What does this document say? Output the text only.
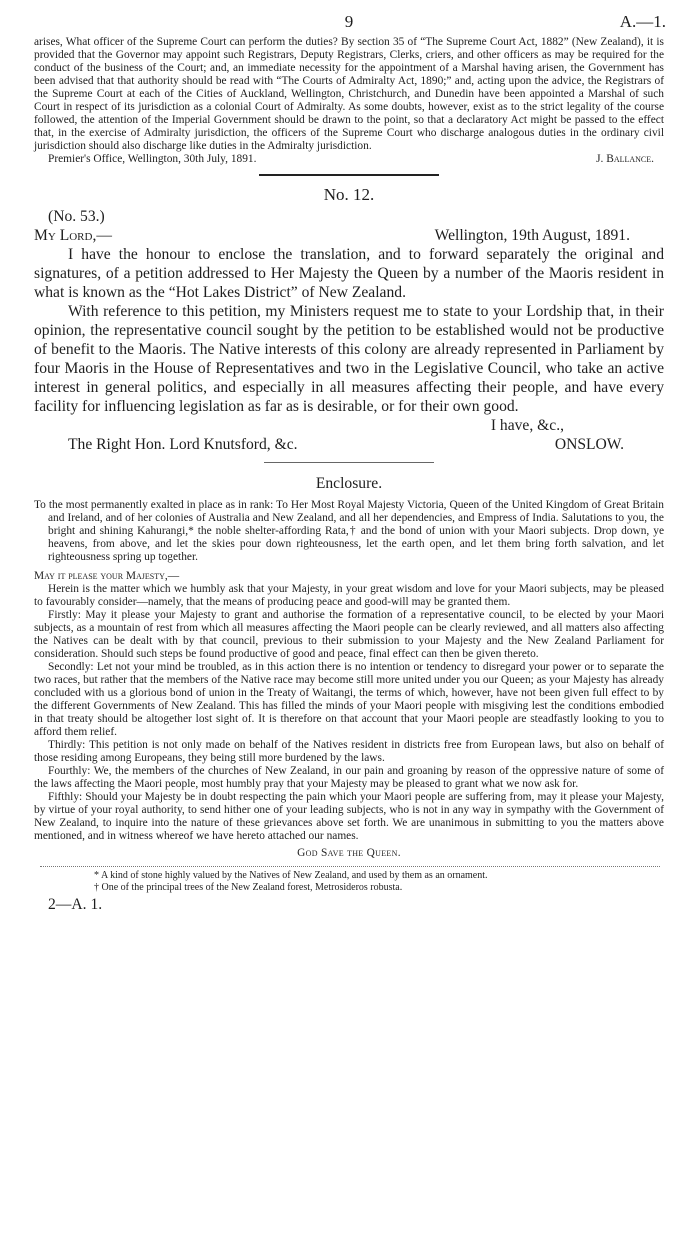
9	A.—1.

arises, What officer of the Supreme Court can perform the duties? By section 35 of “The Supreme Court Act, 1882” (New Zealand), it is provided that the Governor may appoint such Registrars, Deputy Registrars, Clerks, criers, and other officers as may be required for the conduct of the business of the Court; and, an immediate necessity for the appointment of a Marshal having arisen, the Government has been advised that that authority should be read with “The Courts of Admiralty Act, 1890;” and, acting upon the advice, the Registrars of the Supreme Court at each of the Cities of Auckland, Wellington, Christchurch, and Dunedin have been appointed a Marshal of such Court in respect of its jurisdiction as a colonial Court of Admiralty. As some doubts, however, exist as to the strict legality of the course followed, the attention of the Imperial Government should be drawn to the point, so that a declaratory Act might be passed to the effect that, in the exercise of Admiralty jurisdiction, the officers of the Supreme Court who discharge analogous duties in the ordinary civil jurisdiction should also discharge like duties in the Admiralty jurisdiction.

Premier's Office, Wellington, 30th July, 1891.	J. Ballance.
No. 12.
(No. 53.)
My Lord,—	Wellington, 19th August, 1891.

I have the honour to enclose the translation, and to forward separately the original and signatures, of a petition addressed to Her Majesty the Queen by a number of the Maoris resident in what is known as the “Hot Lakes District” of New Zealand.

With reference to this petition, my Ministers request me to state to your Lordship that, in their opinion, the representative council sought by the petition to be established would not be productive of benefit to the Maoris. The Native interests of this colony are already represented in Parliament by four Maoris in the House of Representatives and two in the Legislative Council, who take an active interest in general politics, and especially in all measures affecting their people, and have every facility for influencing legislation as far as is desirable, or for their own good.

I have, &c.,
The Right Hon. Lord Knutsford, &c.	ONSLOW.
Enclosure.

To the most permanently exalted in place as in rank: To Her Most Royal Majesty Victoria, Queen of the United Kingdom of Great Britain and Ireland, and of her colonies of Australia and New Zealand, and all her dependencies, and Empress of India. Salutations to you, the bright and shining Kahurangi,* the noble shelter-affording Rata,† and the bond of union with your Maori subjects. Drop down, ye heavens, from above, and let the skies pour down righteousness, let the earth open, and let them bring forth salvation, and let righteousness spring up together.

May it please your Majesty,—

Herein is the matter which we humbly ask that your Majesty, in your great wisdom and love for your Maori subjects, may be pleased to favourably consider—namely, that the means of producing peace and good-will may be granted them.

Firstly: May it please your Majesty to grant and authorise the formation of a representative council, to be elected by your Maori subjects, as a mountain of rest from which all measures affecting the Maori people can be clearly reviewed, and all matters also affecting the Natives can be dealt with by that council, previous to their submission to your Majesty and the New Zealand Parliament for consideration. Should such steps be found productive of good and peace, final effect can then be given thereto.

Secondly: Let not your mind be troubled, as in this action there is no intention or tendency to disregard your power or to separate the two races, but rather that the members of the Native race may become still more united under you our Queen; as your Majesty has already concluded with us a glorious bond of union in the Treaty of Waitangi, the terms of which, however, have not been given full effect to by the different Governments of New Zealand. This has filled the minds of your Maori people with misgiving lest the conditions embodied in that treaty should be altogether lost sight of. It is therefore on that account that your Maori people are steadfastly looking to you to afford them relief.

Thirdly: This petition is not only made on behalf of the Natives resident in districts free from European laws, but also on behalf of those residing among Europeans, they being still more burdened by the laws.

Fourthly: We, the members of the churches of New Zealand, in our pain and groaning by reason of the oppressive nature of some of the laws affecting the Maori people, most humbly pray that your Majesty may be pleased to grant what we now ask for.

Fifthly: Should your Majesty be in doubt respecting the pain which your Maori people are suffering from, may it please your Majesty, by virtue of your royal authority, to send hither one of your leading subjects, who is not in any way in sympathy with the Government of New Zealand, to inquire into the nature of these grievances above set forth. We are unanimous in submitting to you the matters above mentioned, and in witness whereof we have hereto attached our names.

God Save the Queen.

* A kind of stone highly valued by the Natives of New Zealand, and used by them as an ornament.

† One of the principal trees of the New Zealand forest, Metrosideros robusta.

2—A. 1.
